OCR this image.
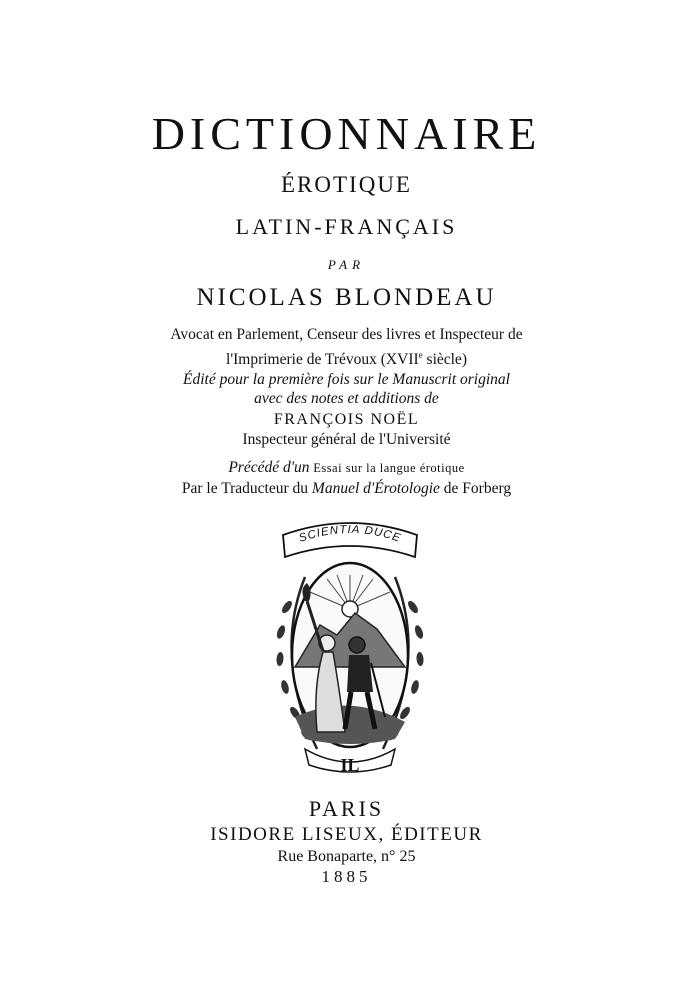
DICTIONNAIRE
ÉROTIQUE
LATIN-FRANÇAIS
PAR
NICOLAS BLONDEAU
Avocat en Parlement, Censeur des livres et Inspecteur de
l'Imprimerie de Trévoux (XVIIe siècle)
Édité pour la première fois sur le Manuscrit original
avec des notes et additions de
FRANÇOIS NOËL
Inspecteur général de l'Université
Précédé d'un Essai sur la langue érotique
Par le Traducteur du Manuel d'Érotologie de Forberg
SCIENTIA DUCE
IL
PARIS
ISIDORE LISEUX, ÉDITEUR
Rue Bonaparte, n° 25
1885
